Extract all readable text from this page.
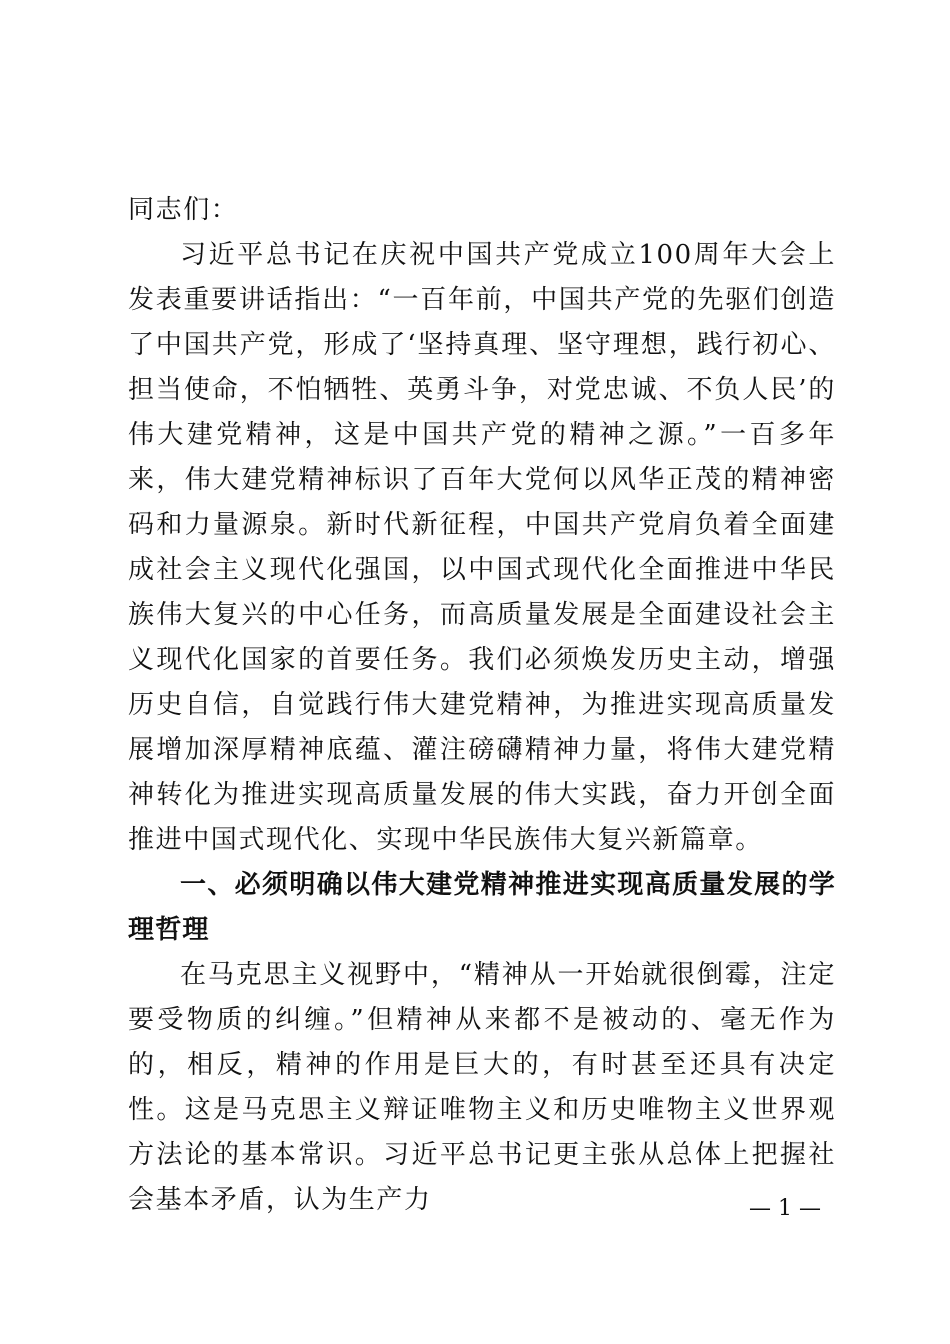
同志们：

习近平总书记在庆祝中国共产党成立100周年大会上发表重要讲话指出：“一百年前，中国共产党的先驱们创造了中国共产党，形成了‘坚持真理、坚守理想，践行初心、担当使命，不怕牺牲、英勇斗争，对党忠诚、不负人民’的伟大建党精神，这是中国共产党的精神之源。”一百多年来，伟大建党精神标识了百年大党何以风华正茂的精神密码和力量源泉。新时代新征程，中国共产党肩负着全面建成社会主义现代化强国，以中国式现代化全面推进中华民族伟大复兴的中心任务，而高质量发展是全面建设社会主义现代化国家的首要任务。我们必须焕发历史主动，增强历史自信，自觉践行伟大建党精神，为推进实现高质量发展增加深厚精神底蕴、灌注磅礴精神力量，将伟大建党精神转化为推进实现高质量发展的伟大实践，奋力开创全面推进中国式现代化、实现中华民族伟大复兴新篇章。

一、必须明确以伟大建党精神推进实现高质量发展的学理哲理

在马克思主义视野中，“精神从一开始就很倒霉，注定要受物质的纠缠。”但精神从来都不是被动的、毫无作为的，相反，精神的作用是巨大的，有时甚至还具有决定性。这是马克思主义辩证唯物主义和历史唯物主义世界观方法论的基本常识。习近平总书记更主张从总体上把握社会基本矛盾，认为生产力	— 1 —
